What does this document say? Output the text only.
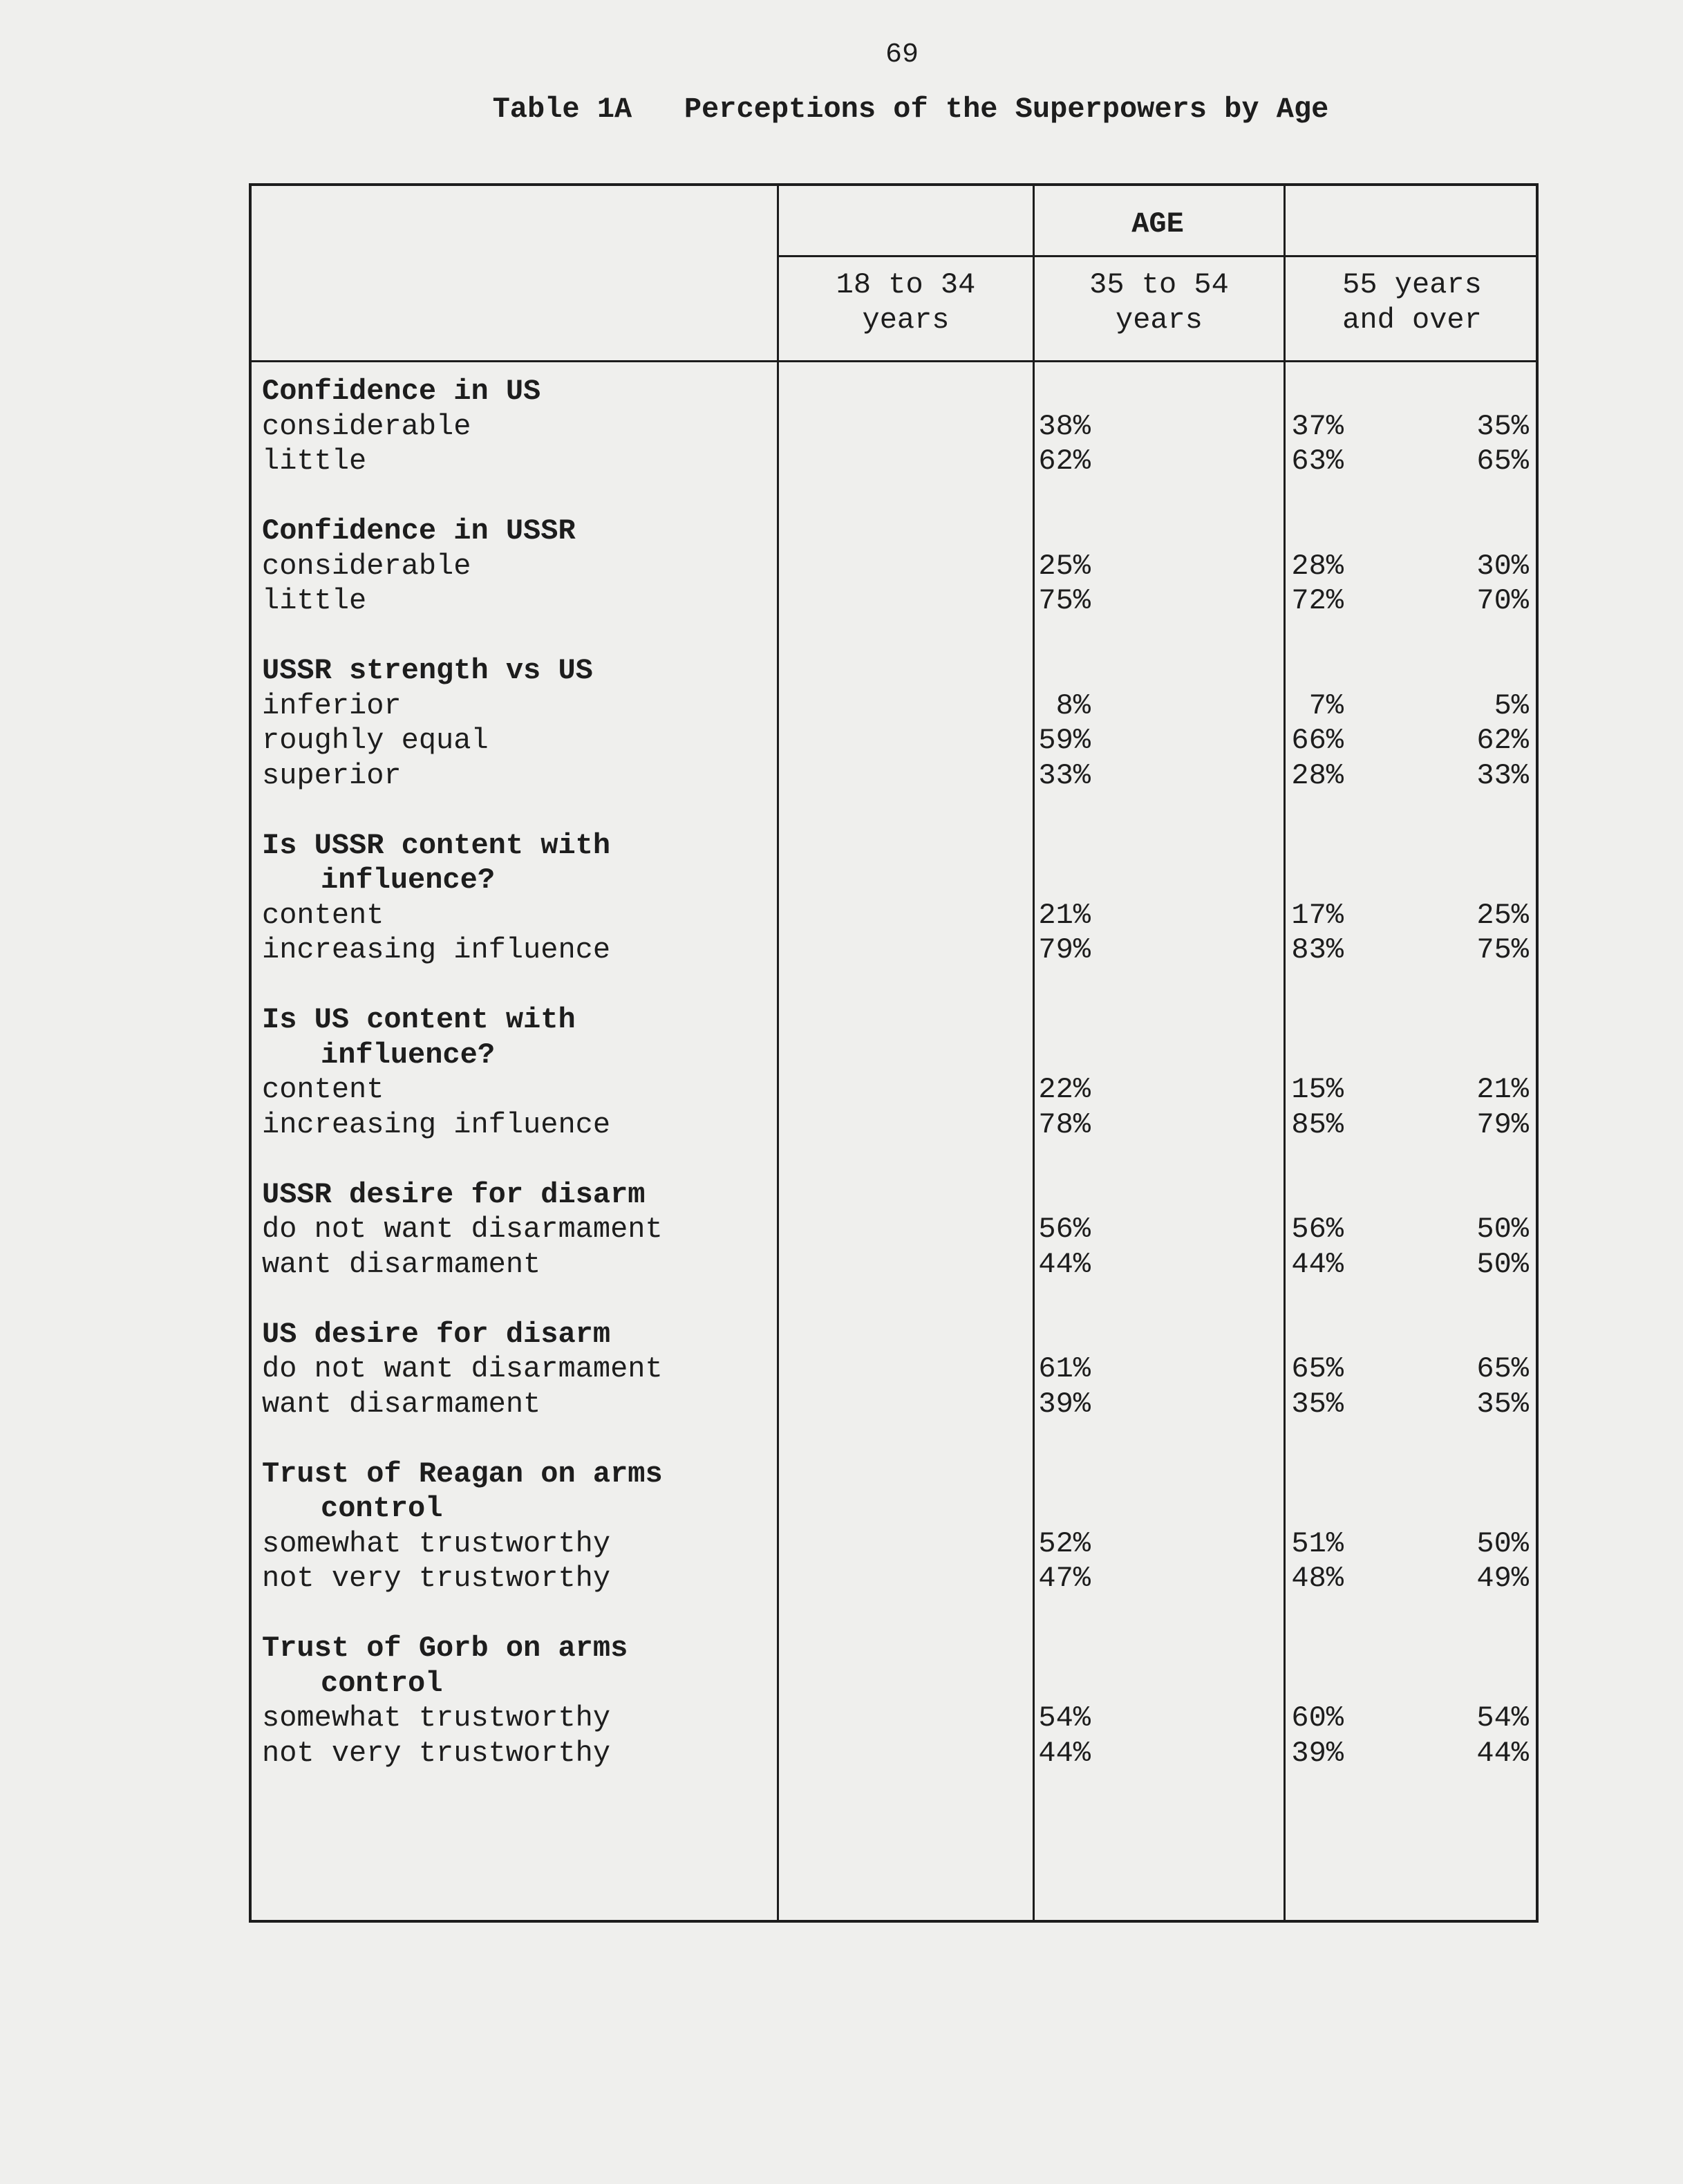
69
Table 1A   Perceptions of the Superpowers by Age
AGE
18 to 34
years
35 to 54
years
55 years
and over
Confidence in US
considerable	38%	37%	35%
little	62%	63%	65%
Confidence in USSR
considerable	25%	28%	30%
little	75%	72%	70%
USSR strength vs US
inferior	8%	7%	5%
roughly equal	59%	66%	62%
superior	33%	28%	33%
Is USSR content with
influence?
content	21%	17%	25%
increasing influence	79%	83%	75%
Is US content with
influence?
content	22%	15%	21%
increasing influence	78%	85%	79%
USSR desire for disarm
do not want disarmament	56%	56%	50%
want disarmament	44%	44%	50%
US desire for disarm
do not want disarmament	61%	65%	65%
want disarmament	39%	35%	35%
Trust of Reagan on arms
control
somewhat trustworthy	52%	51%	50%
not very trustworthy	47%	48%	49%
Trust of Gorb on arms
control
somewhat trustworthy	54%	60%	54%
not very trustworthy	44%	39%	44%
